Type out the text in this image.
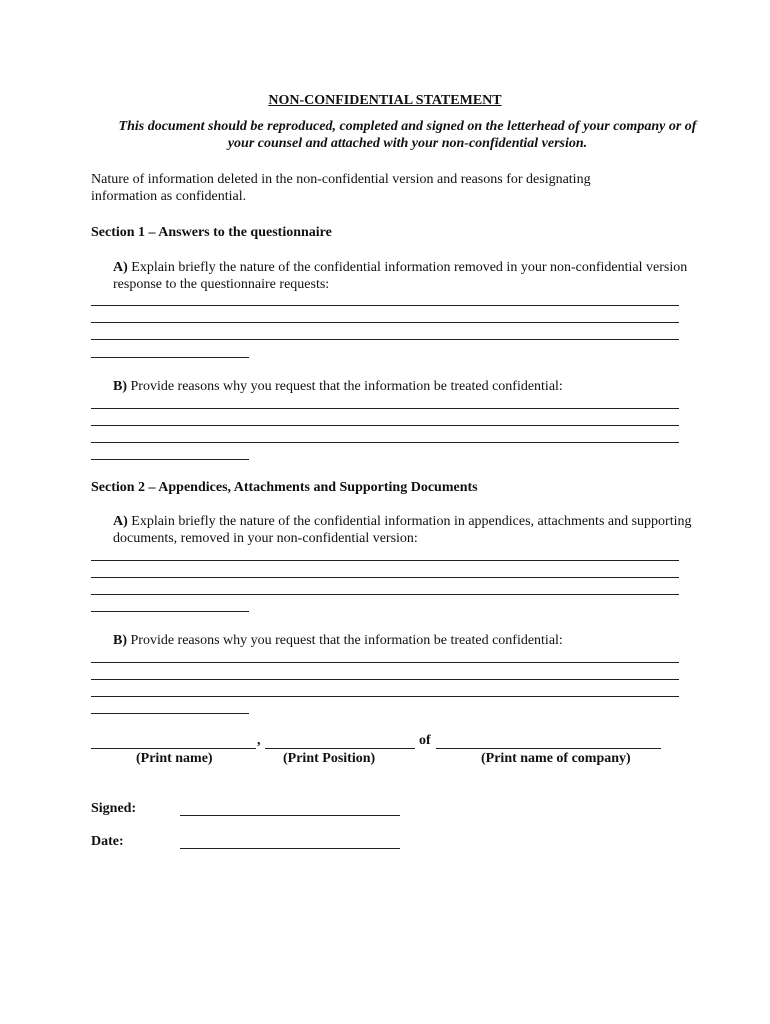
NON-CONFIDENTIAL STATEMENT
This document should be reproduced, completed and signed on the letterhead of your company or of your counsel and attached with your non-confidential version.
Nature of information deleted in the non-confidential version and reasons for designating information as confidential.
Section 1 – Answers to the questionnaire
A) Explain briefly the nature of the confidential information removed in your non-confidential version response to the questionnaire requests:
B) Provide reasons why you request that the information be treated confidential:
Section 2 – Appendices, Attachments and Supporting Documents
A) Explain briefly the nature of the confidential information in appendices, attachments and supporting documents, removed in your non-confidential version:
B) Provide reasons why you request that the information be treated confidential:
,	of
(Print name)	(Print Position)	(Print name of company)
Signed:
Date:
